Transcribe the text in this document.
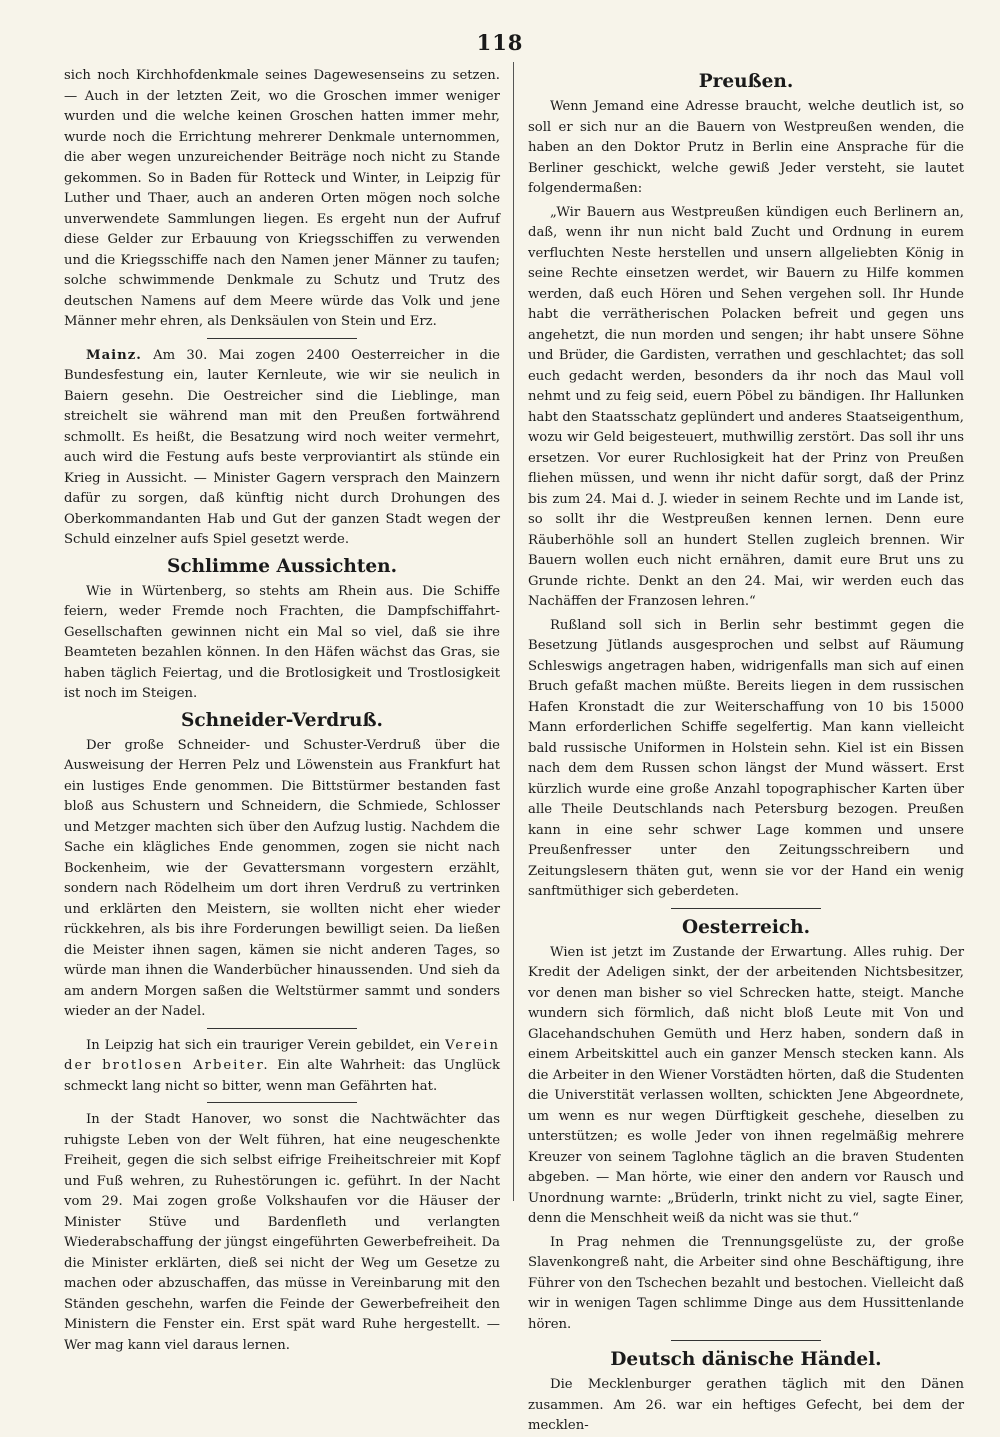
118

sich noch Kirchhofdenkmale seines Dagewesenseins zu setzen. — Auch in der letzten Zeit, wo die Groschen immer weniger wurden und die welche keinen Groschen hatten immer mehr, wurde noch die Errichtung mehrerer Denkmale unternommen, die aber wegen unzureichender Beiträge noch nicht zu Stande gekommen. So in Baden für Rotteck und Winter, in Leipzig für Luther und Thaer, auch an anderen Orten mögen noch solche unverwendete Sammlungen liegen. Es ergeht nun der Aufruf diese Gelder zur Erbauung von Kriegsschiffen zu verwenden und die Kriegsschiffe nach den Namen jener Männer zu taufen; solche schwimmende Denkmale zu Schutz und Trutz des deutschen Namens auf dem Meere würde das Volk und jene Männer mehr ehren, als Denksäulen von Stein und Erz.

Mainz. Am 30. Mai zogen 2400 Oesterreicher in die Bundesfestung ein, lauter Kernleute, wie wir sie neulich in Baiern gesehn. Die Oestreicher sind die Lieblinge, man streichelt sie während man mit den Preußen fortwährend schmollt. Es heißt, die Besatzung wird noch weiter vermehrt, auch wird die Festung aufs beste verproviantirt als stünde ein Krieg in Aussicht. — Minister Gagern versprach den Mainzern dafür zu sorgen, daß künftig nicht durch Drohungen des Oberkommandanten Hab und Gut der ganzen Stadt wegen der Schuld einzelner aufs Spiel gesetzt werde.

Schlimme Aussichten.

Wie in Würtenberg, so stehts am Rhein aus. Die Schiffe feiern, weder Fremde noch Frachten, die Dampfschiffahrt-Gesellschaften gewinnen nicht ein Mal so viel, daß sie ihre Beamteten bezahlen können. In den Häfen wächst das Gras, sie haben täglich Feiertag, und die Brotlosigkeit und Trostlosigkeit ist noch im Steigen.

Schneider-Verdruß.

Der große Schneider- und Schuster-Verdruß über die Ausweisung der Herren Pelz und Löwenstein aus Frankfurt hat ein lustiges Ende genommen. Die Bittstürmer bestanden fast bloß aus Schustern und Schneidern, die Schmiede, Schlosser und Metzger machten sich über den Aufzug lustig. Nachdem die Sache ein klägliches Ende genommen, zogen sie nicht nach Bockenheim, wie der Gevattersmann vorgestern erzählt, sondern nach Rödelheim um dort ihren Verdruß zu vertrinken und erklärten den Meistern, sie wollten nicht eher wieder rückkehren, als bis ihre Forderungen bewilligt seien. Da ließen die Meister ihnen sagen, kämen sie nicht anderen Tages, so würde man ihnen die Wanderbücher hinaussenden. Und sieh da am andern Morgen saßen die Weltstürmer sammt und sonders wieder an der Nadel.

In Leipzig hat sich ein trauriger Verein gebildet, ein Verein der brotlosen Arbeiter. Ein alte Wahrheit: das Unglück schmeckt lang nicht so bitter, wenn man Gefährten hat.

In der Stadt Hanover, wo sonst die Nachtwächter das ruhigste Leben von der Welt führen, hat eine neugeschenkte Freiheit, gegen die sich selbst eifrige Freiheitschreier mit Kopf und Fuß wehren, zu Ruhestörungen ic. geführt. In der Nacht vom 29. Mai zogen große Volkshaufen vor die Häuser der Minister Stüve und Bardenfleth und verlangten Wiederabschaffung der jüngst eingeführten Gewerbefreiheit. Da die Minister erklärten, dieß sei nicht der Weg um Gesetze zu machen oder abzuschaffen, das müsse in Vereinbarung mit den Ständen geschehn, warfen die Feinde der Gewerbefreiheit den Ministern die Fenster ein. Erst spät ward Ruhe hergestellt. — Wer mag kann viel daraus lernen.

Preußen.

Wenn Jemand eine Adresse braucht, welche deutlich ist, so soll er sich nur an die Bauern von Westpreußen wenden, die haben an den Doktor Prutz in Berlin eine Ansprache für die Berliner geschickt, welche gewiß Jeder versteht, sie lautet folgendermaßen:

„Wir Bauern aus Westpreußen kündigen euch Berlinern an, daß, wenn ihr nun nicht bald Zucht und Ordnung in eurem verfluchten Neste herstellen und unsern allgeliebten König in seine Rechte einsetzen werdet, wir Bauern zu Hilfe kommen werden, daß euch Hören und Sehen vergehen soll. Ihr Hunde habt die verrätherischen Polacken befreit und gegen uns angehetzt, die nun morden und sengen; ihr habt unsere Söhne und Brüder, die Gardisten, verrathen und geschlachtet; das soll euch gedacht werden, besonders da ihr noch das Maul voll nehmt und zu feig seid, euern Pöbel zu bändigen. Ihr Hallunken habt den Staatsschatz geplündert und anderes Staatseigenthum, wozu wir Geld beigesteuert, muthwillig zerstört. Das soll ihr uns ersetzen. Vor eurer Ruchlosigkeit hat der Prinz von Preußen fliehen müssen, und wenn ihr nicht dafür sorgt, daß der Prinz bis zum 24. Mai d. J. wieder in seinem Rechte und im Lande ist, so sollt ihr die Westpreußen kennen lernen. Denn eure Räuberhöhle soll an hundert Stellen zugleich brennen. Wir Bauern wollen euch nicht ernähren, damit eure Brut uns zu Grunde richte. Denkt an den 24. Mai, wir werden euch das Nachäffen der Franzosen lehren.“

Rußland soll sich in Berlin sehr bestimmt gegen die Besetzung Jütlands ausgesprochen und selbst auf Räumung Schleswigs angetragen haben, widrigenfalls man sich auf einen Bruch gefaßt machen müßte. Bereits liegen in dem russischen Hafen Kronstadt die zur Weiterschaffung von 10 bis 15000 Mann erforderlichen Schiffe segelfertig. Man kann vielleicht bald russische Uniformen in Holstein sehn. Kiel ist ein Bissen nach dem dem Russen schon längst der Mund wässert. Erst kürzlich wurde eine große Anzahl topographischer Karten über alle Theile Deutschlands nach Petersburg bezogen. Preußen kann in eine sehr schwer Lage kommen und unsere Preußenfresser unter den Zeitungsschreibern und Zeitungslesern thäten gut, wenn sie vor der Hand ein wenig sanftmüthiger sich geberdeten.

Oesterreich.

Wien ist jetzt im Zustande der Erwartung. Alles ruhig. Der Kredit der Adeligen sinkt, der der arbeitenden Nichtsbesitzer, vor denen man bisher so viel Schrecken hatte, steigt. Manche wundern sich förmlich, daß nicht bloß Leute mit Von und Glacehandschuhen Gemüth und Herz haben, sondern daß in einem Arbeitskittel auch ein ganzer Mensch stecken kann. Als die Arbeiter in den Wiener Vorstädten hörten, daß die Studenten die Universtität verlassen wollten, schickten Jene Abgeordnete, um wenn es nur wegen Dürftigkeit geschehe, dieselben zu unterstützen; es wolle Jeder von ihnen regelmäßig mehrere Kreuzer von seinem Taglohne täglich an die braven Studenten abgeben. — Man hörte, wie einer den andern vor Rausch und Unordnung warnte: „Brüderln, trinkt nicht zu viel, sagte Einer, denn die Menschheit weiß da nicht was sie thut.“

In Prag nehmen die Trennungsgelüste zu, der große Slavenkongreß naht, die Arbeiter sind ohne Beschäftigung, ihre Führer von den Tschechen bezahlt und bestochen. Vielleicht daß wir in wenigen Tagen schlimme Dinge aus dem Hussittenlande hören.

Deutsch dänische Händel.

Die Mecklenburger gerathen täglich mit den Dänen zusammen. Am 26. war ein heftiges Gefecht, bei dem der mecklen-
